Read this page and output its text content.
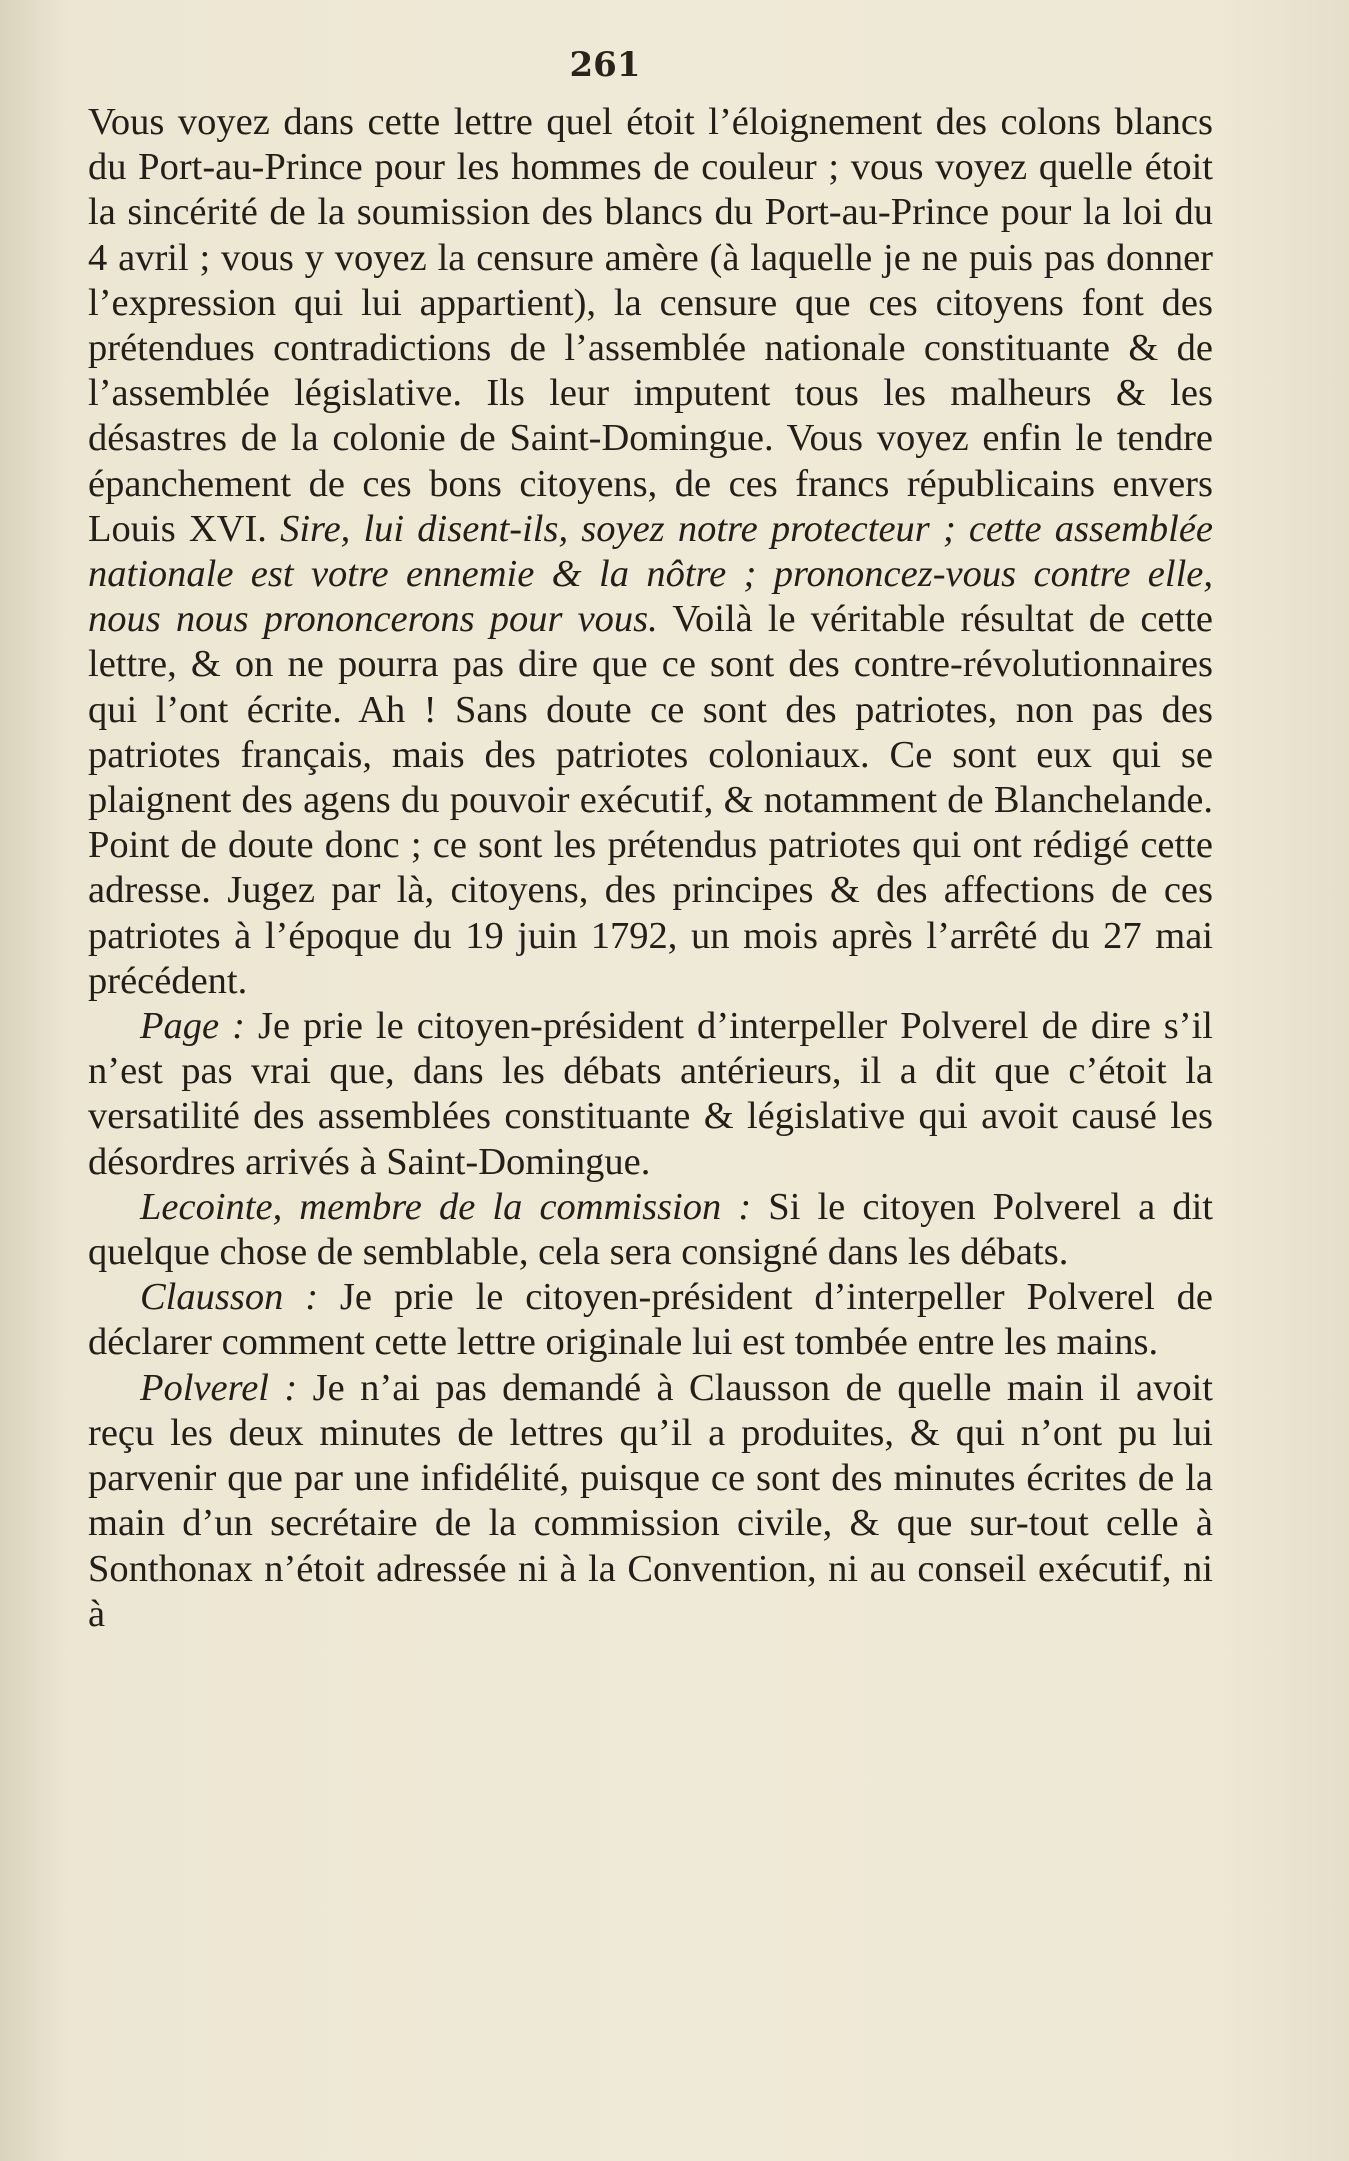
261

Vous voyez dans cette lettre quel étoit l’éloignement des colons blancs du Port-au-Prince pour les hommes de couleur ; vous voyez quelle étoit la sincérité de la soumission des blancs du Port-au-Prince pour la loi du 4 avril ; vous y voyez la censure amère (à laquelle je ne puis pas donner l’expression qui lui appartient), la censure que ces citoyens font des prétendues contradictions de l’assemblée nationale constituante & de l’assemblée législative. Ils leur imputent tous les malheurs & les désastres de la colonie de Saint-Domingue. Vous voyez enfin le tendre épanchement de ces bons citoyens, de ces francs républicains envers Louis XVI. Sire, lui disent-ils, soyez notre protecteur ; cette assemblée nationale est votre ennemie & la nôtre ; prononcez-vous contre elle, nous nous prononcerons pour vous. Voilà le véritable résultat de cette lettre, & on ne pourra pas dire que ce sont des contre-révolutionnaires qui l’ont écrite. Ah ! Sans doute ce sont des patriotes, non pas des patriotes français, mais des patriotes coloniaux. Ce sont eux qui se plaignent des agens du pouvoir exécutif, & notamment de Blanchelande. Point de doute donc ; ce sont les prétendus patriotes qui ont rédigé cette adresse. Jugez par là, citoyens, des principes & des affections de ces patriotes à l’époque du 19 juin 1792, un mois après l’arrêté du 27 mai précédent.

Page : Je prie le citoyen-président d’interpeller Polverel de dire s’il n’est pas vrai que, dans les débats antérieurs, il a dit que c’étoit la versatilité des assemblées constituante & législative qui avoit causé les désordres arrivés à Saint-Domingue.

Lecointe, membre de la commission : Si le citoyen Polverel a dit quelque chose de semblable, cela sera consigné dans les débats.

Clausson : Je prie le citoyen-président d’interpeller Polverel de déclarer comment cette lettre originale lui est tombée entre les mains.

Polverel : Je n’ai pas demandé à Clausson de quelle main il avoit reçu les deux minutes de lettres qu’il a produites, & qui n’ont pu lui parvenir que par une infidélité, puisque ce sont des minutes écrites de la main d’un secrétaire de la commission civile, & que sur-tout celle à Sonthonax n’étoit adressée ni à la Convention, ni au conseil exécutif, ni à
